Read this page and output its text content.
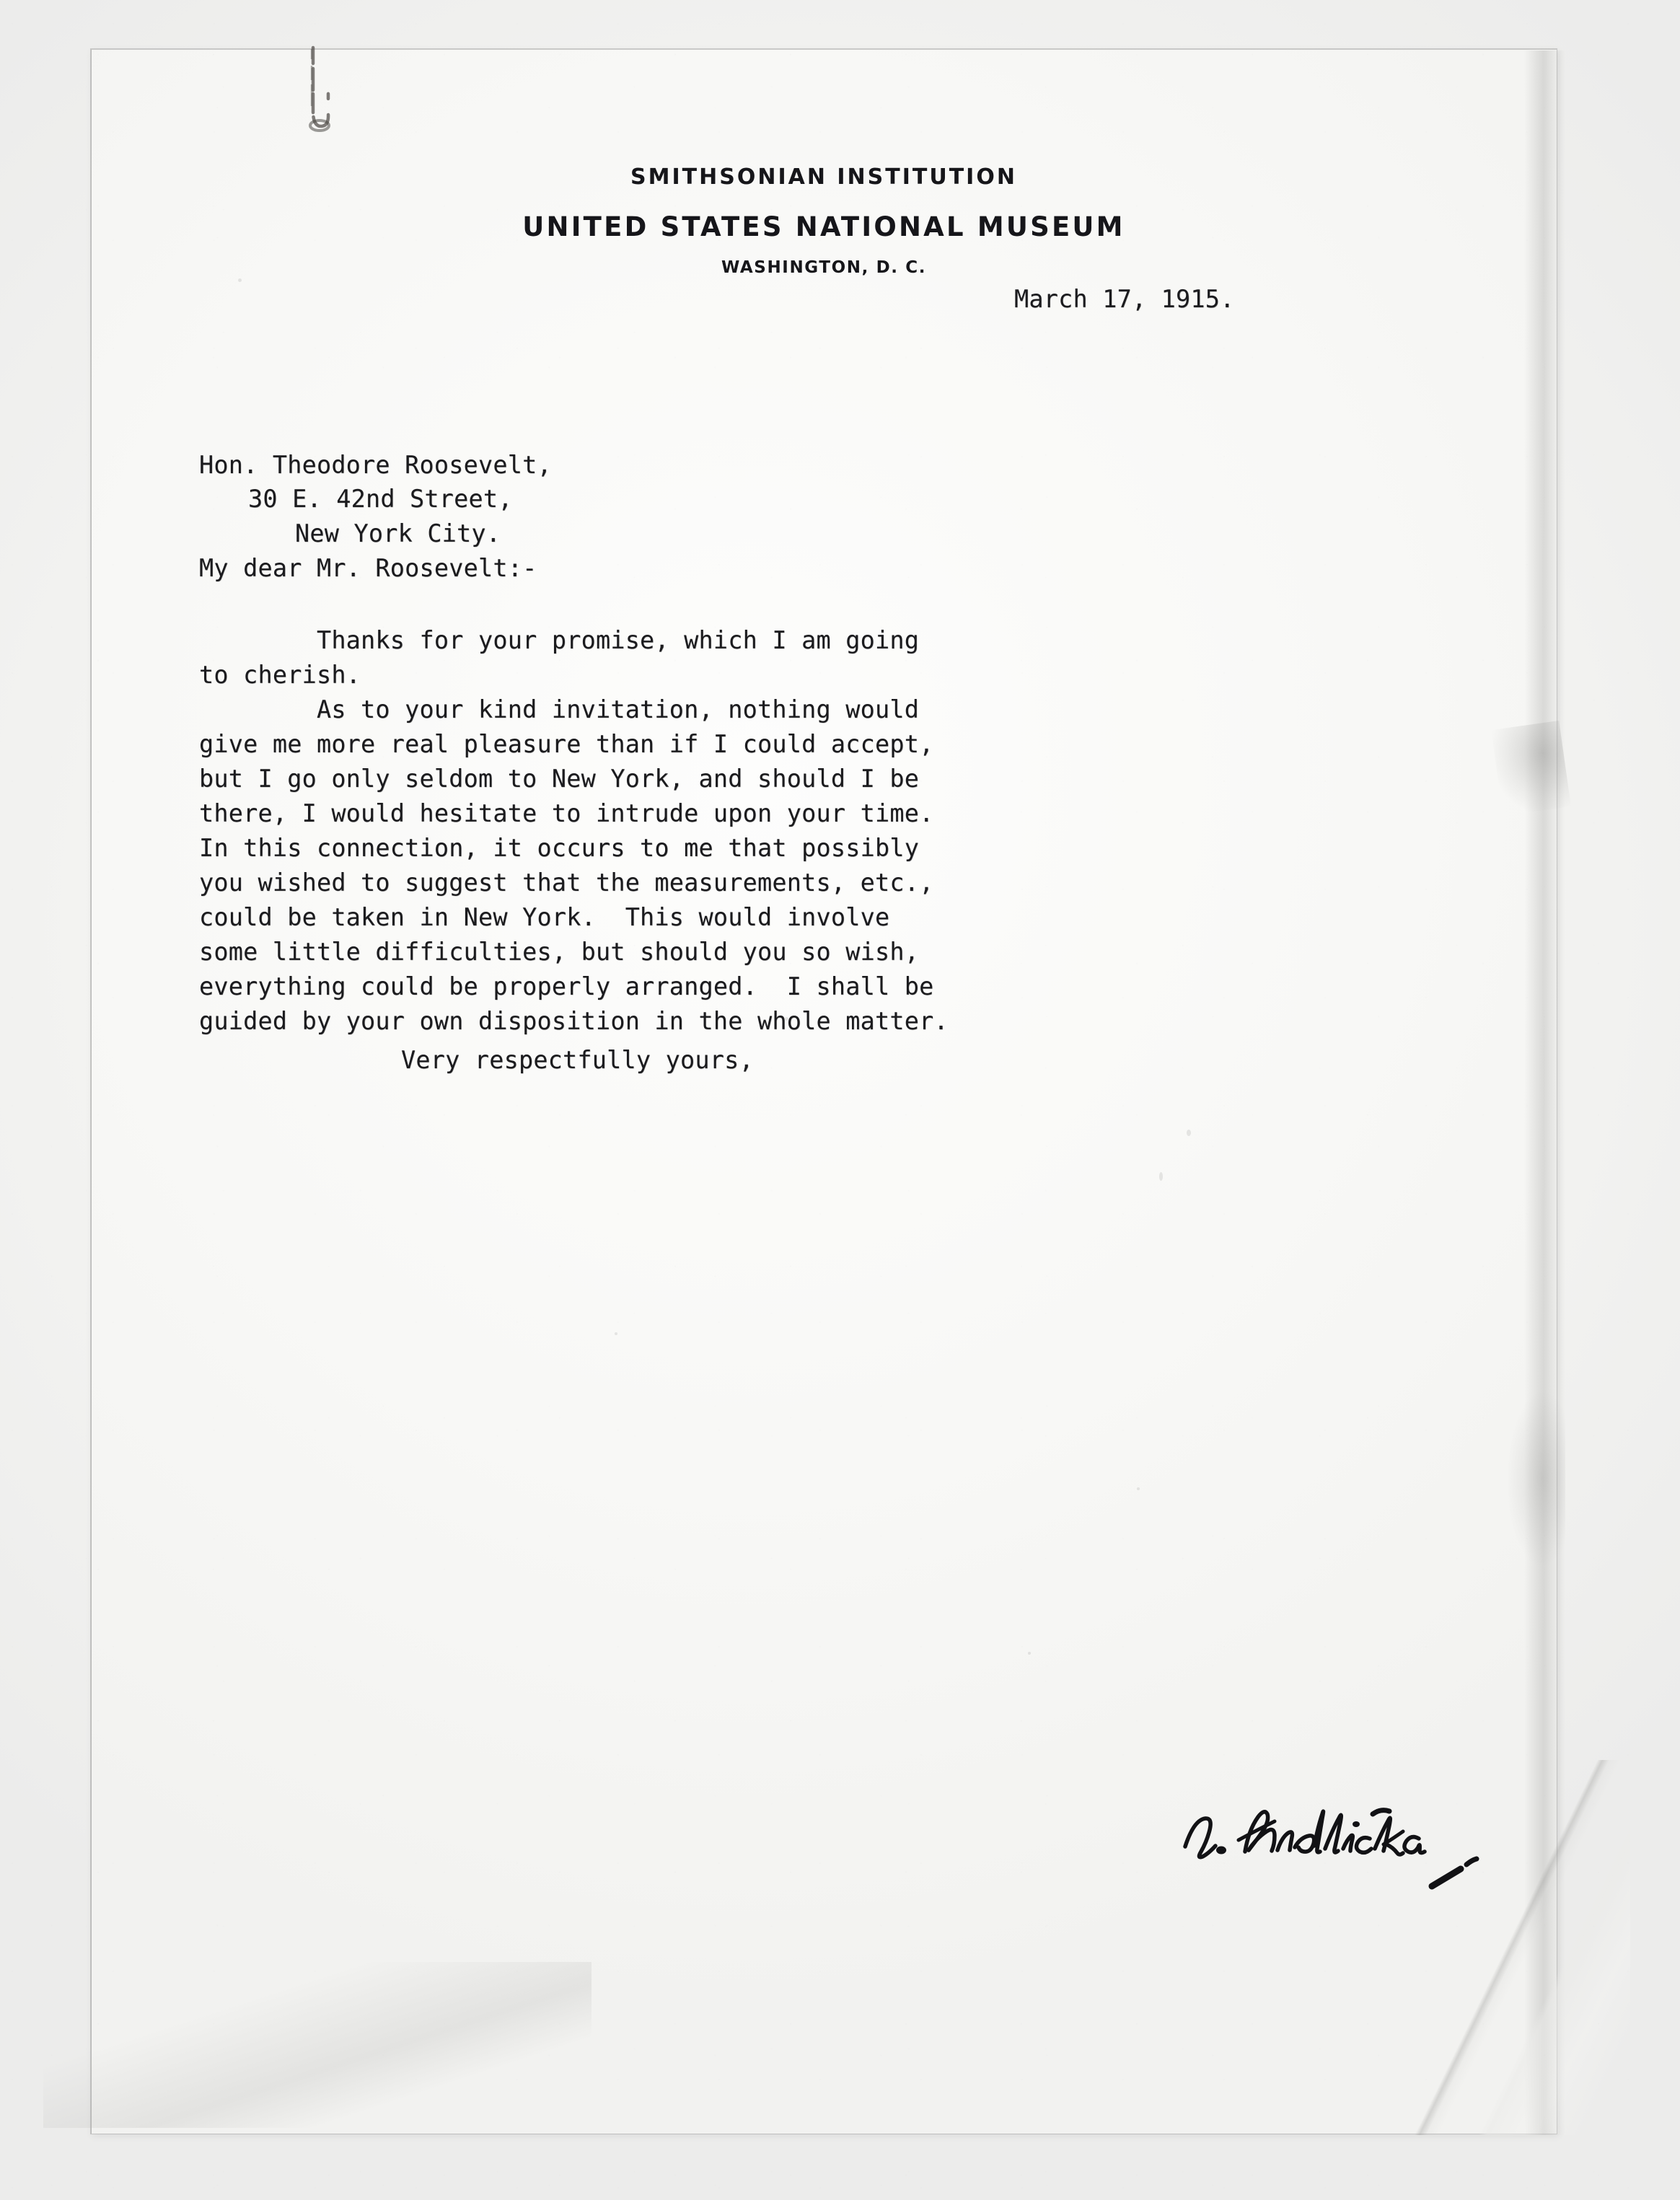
SMITHSONIAN INSTITUTION
UNITED STATES NATIONAL MUSEUM
WASHINGTON, D. C.
March 17, 1915.
Hon. Theodore Roosevelt,
30 E. 42nd Street,
New York City.
My dear Mr. Roosevelt:-
Thanks for your promise, which I am going
to cherish.
As to your kind invitation, nothing would
give me more real pleasure than if I could accept,
but I go only seldom to New York, and should I be
there, I would hesitate to intrude upon your time.
In this connection, it occurs to me that possibly
you wished to suggest that the measurements, etc.,
could be taken in New York.  This would involve
some little difficulties, but should you so wish,
everything could be properly arranged.  I shall be
guided by your own disposition in the whole matter.
Very respectfully yours,
